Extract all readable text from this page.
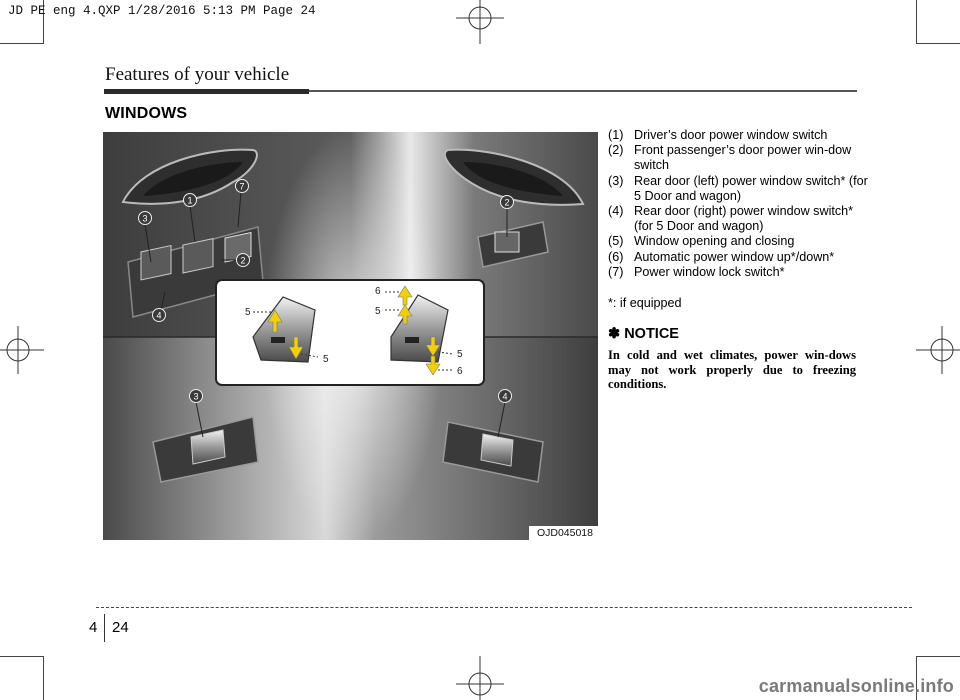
JD PE eng 4.QXP 1/28/2016 5:13 PM Page 24
Features of your vehicle
WINDOWS
5
5
6
5
5
6
1
2
3
4
7
2
3	4
OJD045018
(1) Driver’s door power window switch
(2) Front passenger’s door power win-dow switch
(3) Rear door (left) power window switch* (for 5 Door and wagon)
(4) Rear door (right) power window switch* (for 5 Door and wagon)
(5) Window opening and closing
(6) Automatic power window up*/down*
(7) Power window lock switch*
*: if equipped
✽ NOTICE
In cold and wet climates, power win-dows may not work properly due to freezing conditions.
4 24
carmanualsonline.info
